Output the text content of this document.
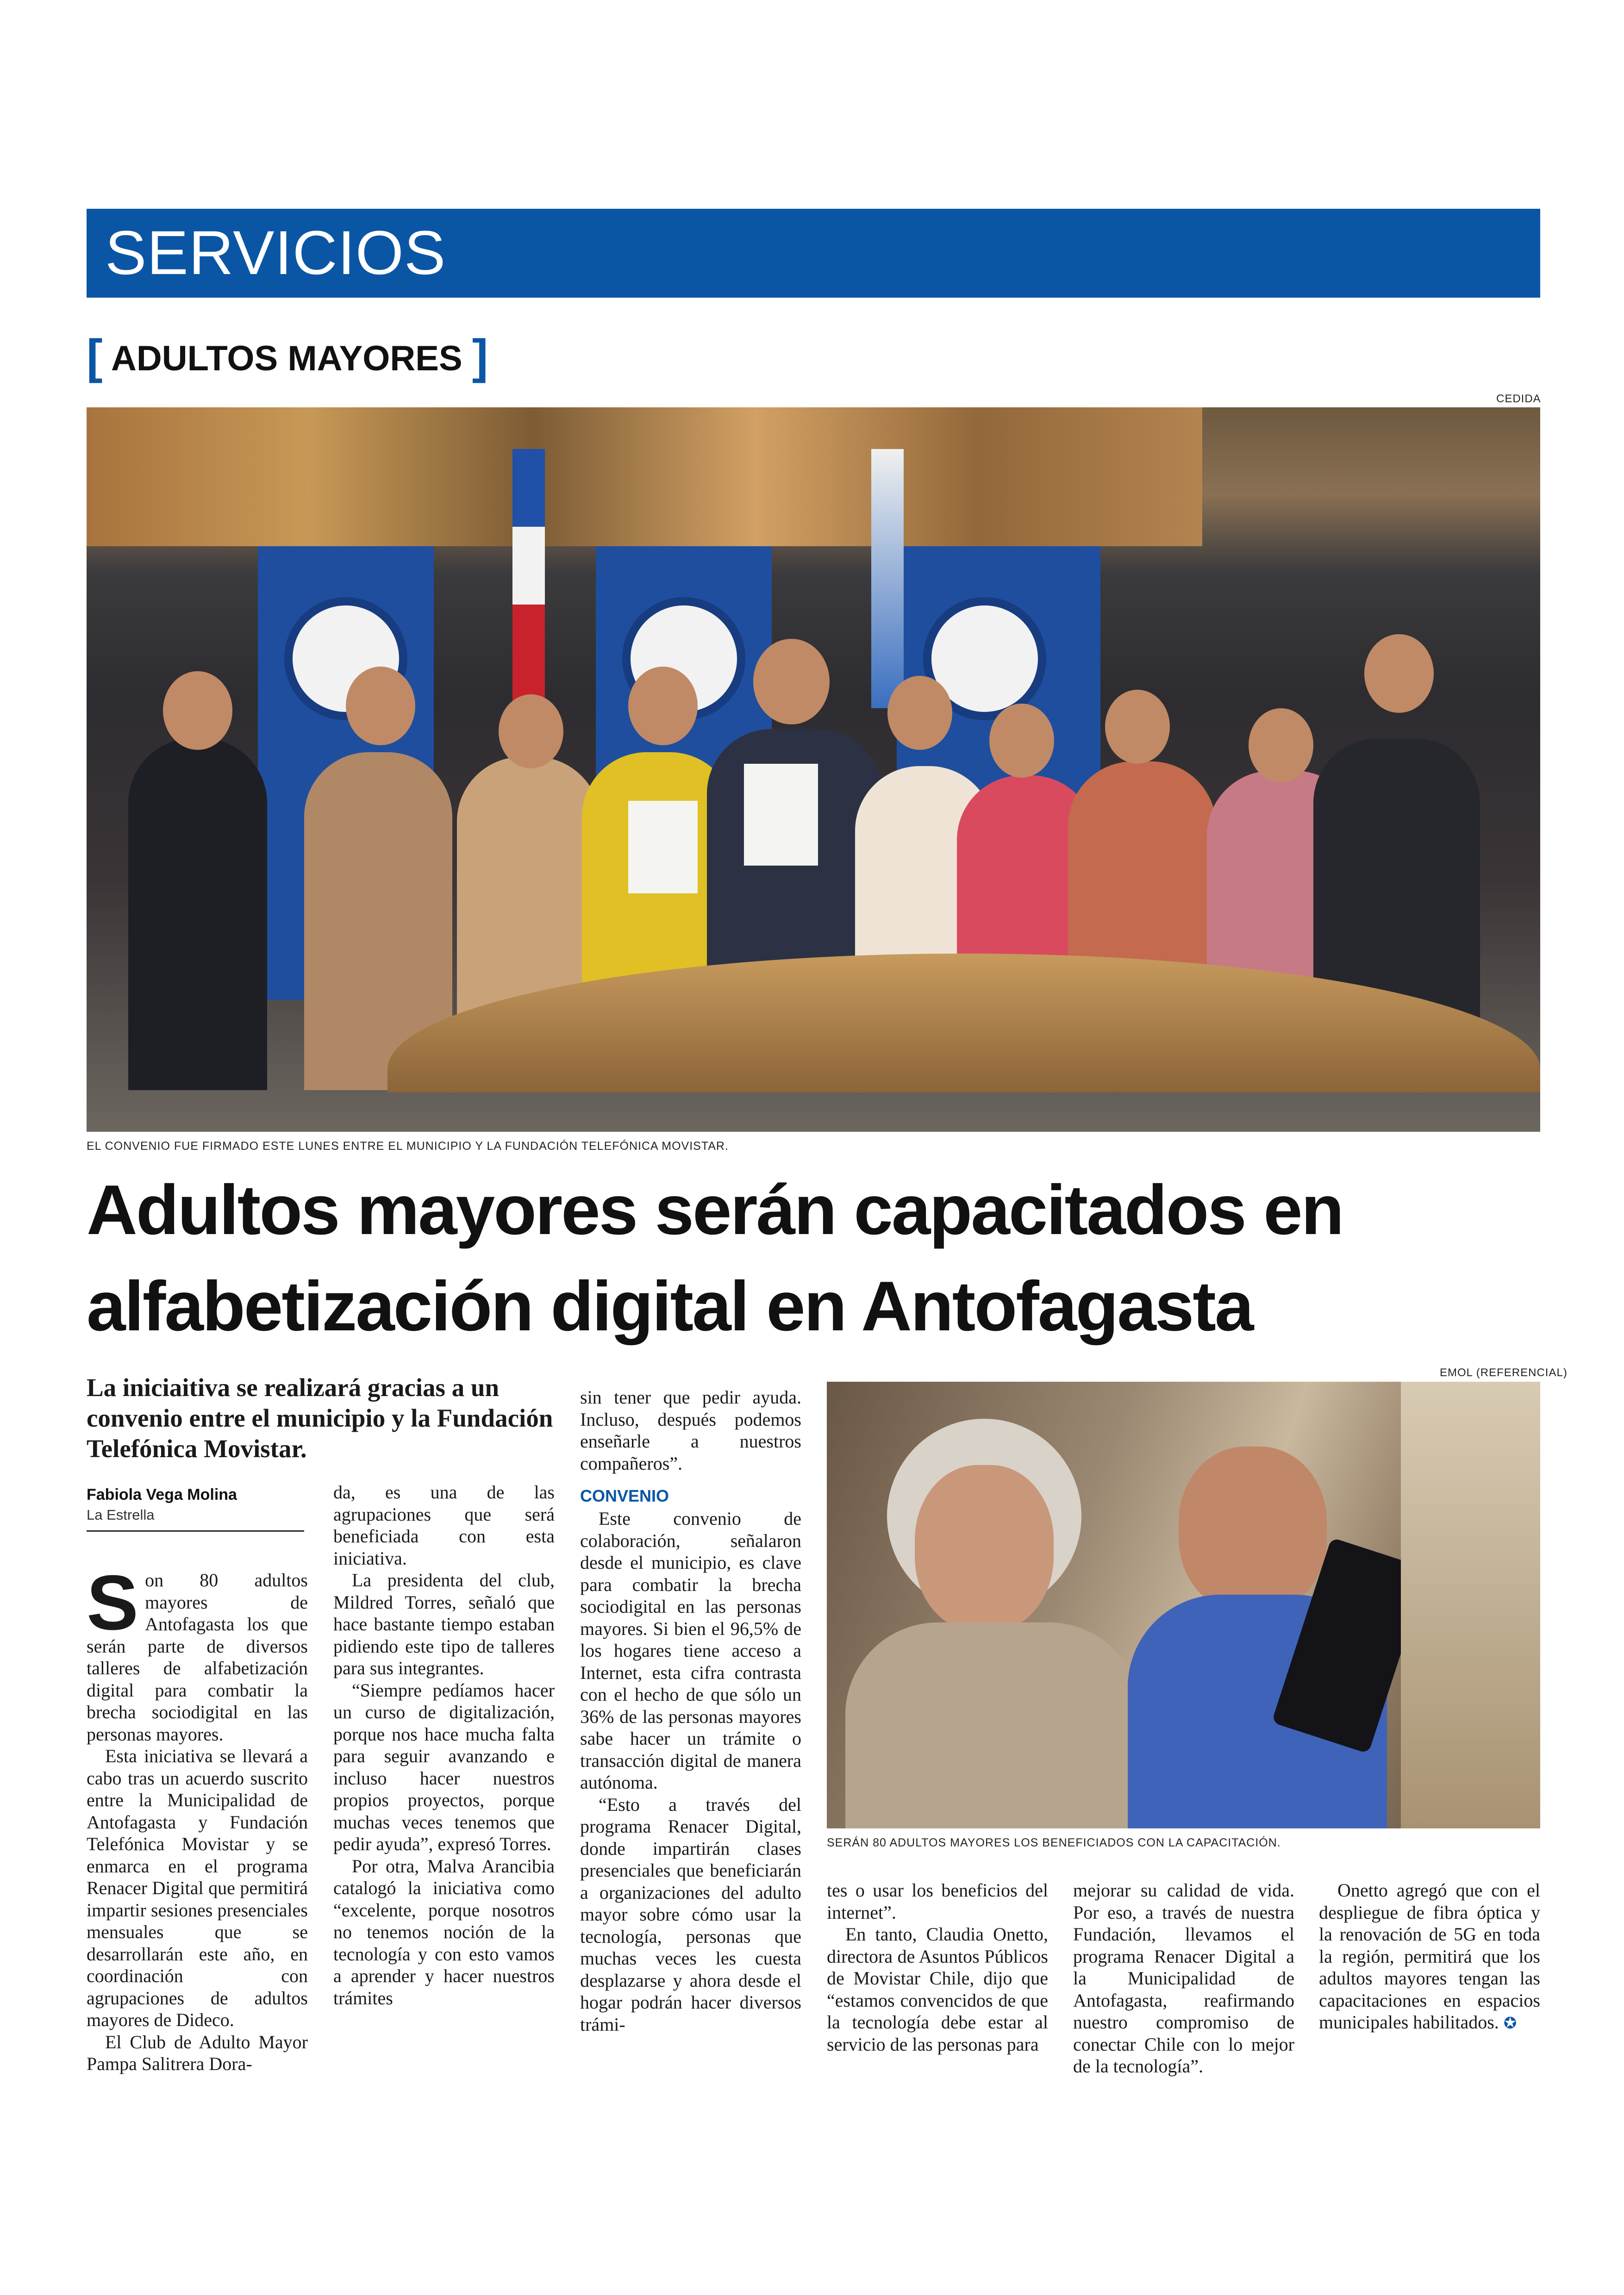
SERVICIOS
[ ADULTOS MAYORES ]
CEDIDA
EL CONVENIO FUE FIRMADO ESTE LUNES ENTRE EL MUNICIPIO Y LA FUNDACIÓN TELEFÓNICA MOVISTAR.
Adultos mayores serán capacitados en
alfabetización digital en Antofagasta
La iniciaitiva se realizará gracias a un convenio entre el municipio y la Fundación Telefónica Movistar.
Fabiola Vega Molina
La Estrella

Son 80 adultos mayores de Antofagasta los que serán parte de diversos talleres de alfabetización digital para combatir la brecha sociodigital en las personas mayores.

Esta iniciativa se llevará a cabo tras un acuerdo suscrito entre la Municipalidad de Antofagasta y Fundación Telefónica Movistar y se enmarca en el programa Renacer Digital que permitirá impartir sesiones presenciales mensuales que se desarrollarán este año, en coordinación con agrupaciones de adultos mayores de Dideco.

El Club de Adulto Mayor Pampa Salitrera Dora-

da, es una de las agrupaciones que será beneficiada con esta iniciativa.

La presidenta del club, Mildred Torres, señaló que hace bastante tiempo estaban pidiendo este tipo de talleres para sus integrantes.

“Siempre pedíamos hacer un curso de digitalización, porque nos hace mucha falta para seguir avanzando e incluso hacer nuestros propios proyectos, porque muchas veces tenemos que pedir ayuda”, expresó Torres.

Por otra, Malva Arancibia catalogó la iniciativa como “excelente, porque nosotros no tenemos noción de la tecnología y con esto vamos a aprender y hacer nuestros trámites

sin tener que pedir ayuda. Incluso, después podemos enseñarle a nuestros compañeros”.

CONVENIO

Este convenio de colaboración, señalaron desde el municipio, es clave para combatir la brecha sociodigital en las personas mayores. Si bien el 96,5% de los hogares tiene acceso a Internet, esta cifra contrasta con el hecho de que sólo un 36% de las personas mayores sabe hacer un trámite o transacción digital de manera autónoma.

“Esto a través del programa Renacer Digital, donde impartirán clases presenciales que beneficiarán a organizaciones del adulto mayor sobre cómo usar la tecnología, personas que muchas veces les cuesta desplazarse y ahora desde el hogar podrán hacer diversos trámi-

EMOL (REFERENCIAL)
SERÁN 80 ADULTOS MAYORES LOS BENEFICIADOS CON LA CAPACITACIÓN.

tes o usar los beneficios del internet”.

En tanto, Claudia Onetto, directora de Asuntos Públicos de Movistar Chile, dijo que “estamos convencidos de que la tecnología debe estar al servicio de las personas para

mejorar su calidad de vida. Por eso, a través de nuestra Fundación, llevamos el programa Renacer Digital a la Municipalidad de Antofagasta, reafirmando nuestro compromiso de conectar Chile con lo mejor de la tecnología”.

Onetto agregó que con el despliegue de fibra óptica y la renovación de 5G en toda la región, permitirá que los adultos mayores tengan las capacitaciones en espacios municipales habilitados. ✪
